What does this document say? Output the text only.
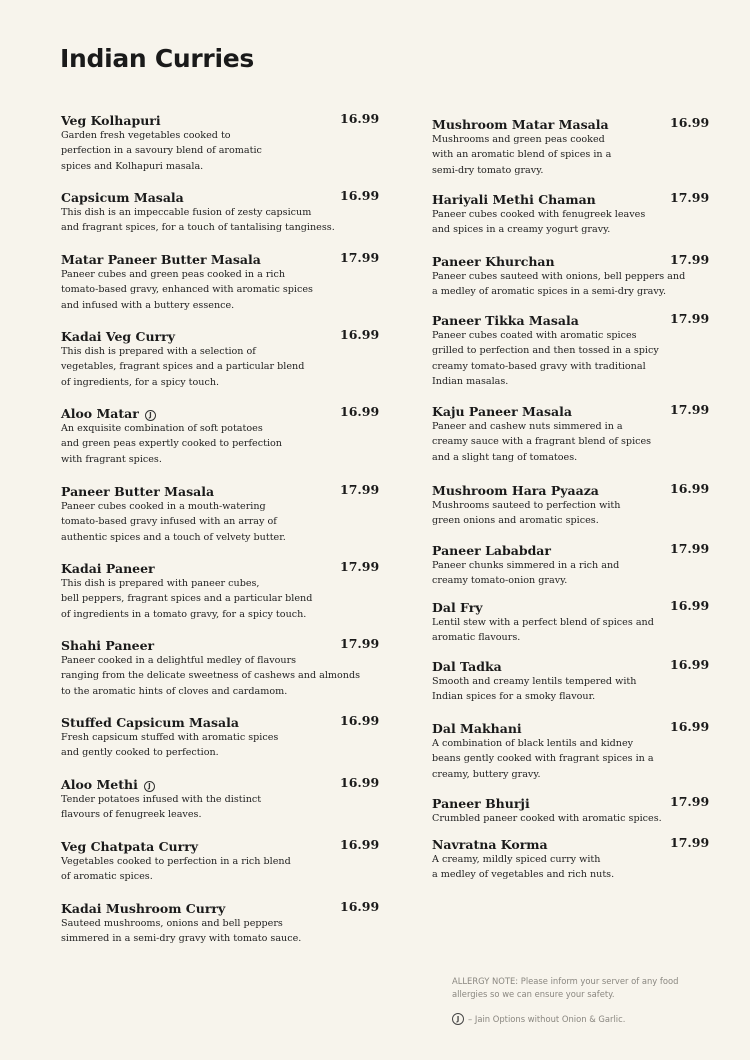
Indian Curries
Veg Kolhapuri	16.99
Garden fresh vegetables cooked to
perfection in a savoury blend of aromatic
spices and Kolhapuri masala.
Capsicum Masala	16.99
This dish is an impeccable fusion of zesty capsicum
and fragrant spices, for a touch of tantalising tanginess.
Matar Paneer Butter Masala	17.99
Paneer cubes and green peas cooked in a rich
tomato-based gravy, enhanced with aromatic spices
and infused with a buttery essence.
Kadai Veg Curry	16.99
This dish is prepared with a selection of
vegetables, fragrant spices and a particular blend
of ingredients, for a spicy touch.
Aloo Matar J	16.99
An exquisite combination of soft potatoes
and green peas expertly cooked to perfection
with fragrant spices.
Paneer Butter Masala	17.99
Paneer cubes cooked in a mouth-watering
tomato-based gravy infused with an array of
authentic spices and a touch of velvety butter.
Kadai Paneer	17.99
This dish is prepared with paneer cubes,
bell peppers, fragrant spices and a particular blend
of ingredients in a tomato gravy, for a spicy touch.
Shahi Paneer	17.99
Paneer cooked in a delightful medley of flavours
ranging from the delicate sweetness of cashews and almonds
to the aromatic hints of cloves and cardamom.
Stuffed Capsicum Masala	16.99
Fresh capsicum stuffed with aromatic spices
and gently cooked to perfection.
Aloo Methi J	16.99
Tender potatoes infused with the distinct
flavours of fenugreek leaves.
Veg Chatpata Curry	16.99
Vegetables cooked to perfection in a rich blend
of aromatic spices.
Kadai Mushroom Curry	16.99
Sauteed mushrooms, onions and bell peppers
simmered in a semi-dry gravy with tomato sauce.
Mushroom Matar Masala	16.99
Mushrooms and green peas cooked
with an aromatic blend of spices in a
semi-dry tomato gravy.
Hariyali Methi Chaman	17.99
Paneer cubes cooked with fenugreek leaves
and spices in a creamy yogurt gravy.
Paneer Khurchan	17.99
Paneer cubes sauteed with onions, bell peppers and
a medley of aromatic spices in a semi-dry gravy.
Paneer Tikka Masala	17.99
Paneer cubes coated with aromatic spices
grilled to perfection and then tossed in a spicy
creamy tomato-based gravy with traditional
Indian masalas.
Kaju Paneer Masala	17.99
Paneer and cashew nuts simmered in a
creamy sauce with a fragrant blend of spices
and a slight tang of tomatoes.
Mushroom Hara Pyaaza	16.99
Mushrooms sauteed to perfection with
green onions and aromatic spices.
Paneer Lababdar	17.99
Paneer chunks simmered in a rich and
creamy tomato-onion gravy.
Dal Fry	16.99
Lentil stew with a perfect blend of spices and
aromatic flavours.
Dal Tadka	16.99
Smooth and creamy lentils tempered with
Indian spices for a smoky flavour.
Dal Makhani	16.99
A combination of black lentils and kidney
beans gently cooked with fragrant spices in a
creamy, buttery gravy.
Paneer Bhurji	17.99
Crumbled paneer cooked with aromatic spices.
Navratna Korma	17.99
A creamy, mildly spiced curry with
a medley of vegetables and rich nuts.
ALLERGY NOTE: Please inform your server of any food
allergies so we can ensure your safety.
J	– Jain Options without Onion & Garlic.
